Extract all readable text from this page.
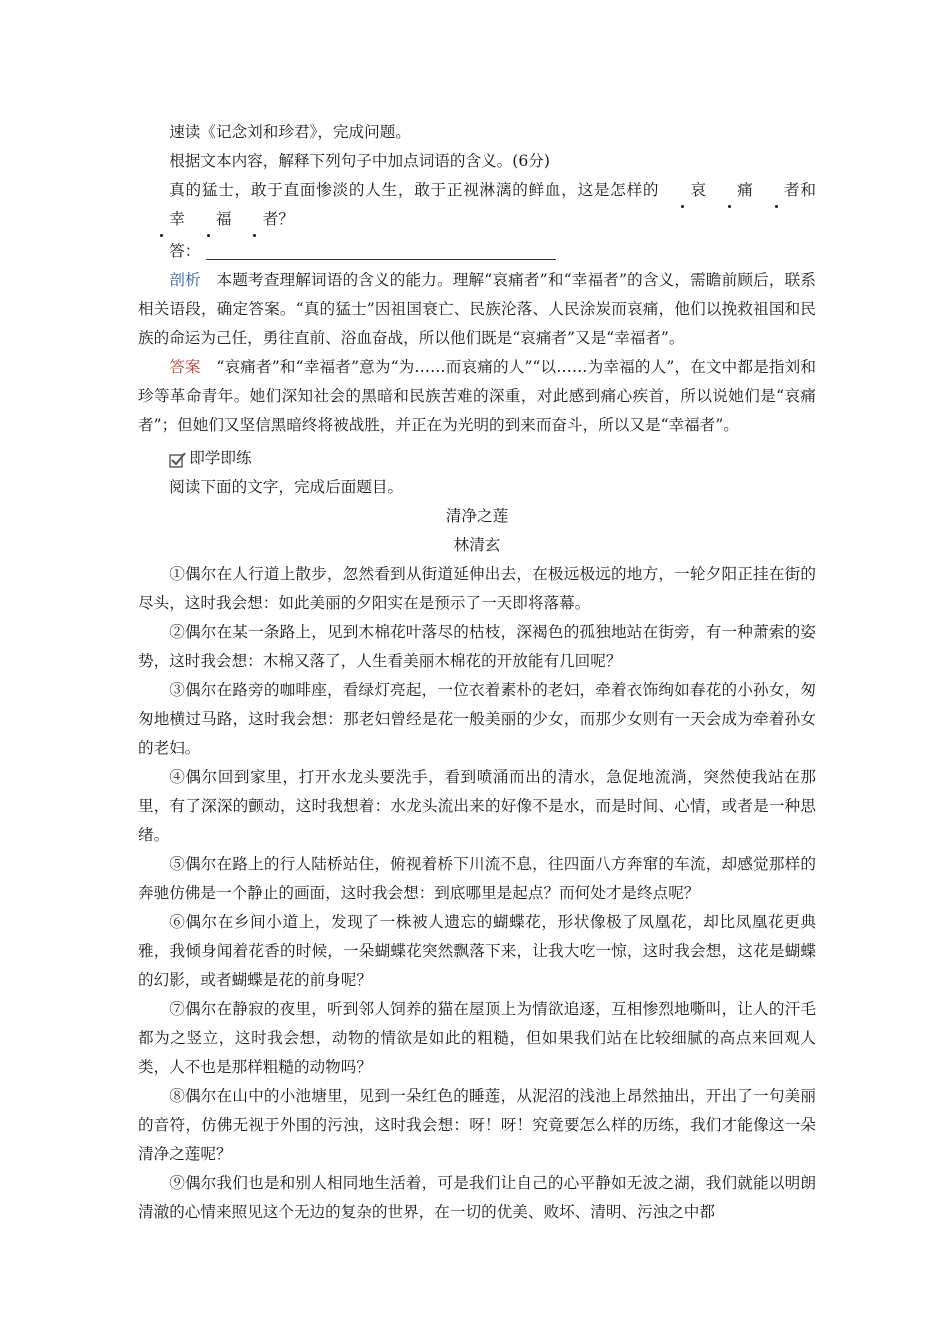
速读《记念刘和珍君》，完成问题。

根据文本内容，解释下列句子中加点词语的含义。(6分)

真的猛士，敢于直面惨淡的人生，敢于正视淋漓的鲜血，这是怎样的 哀 痛 者和幸 福 者？

答：

剖析　 本题考查理解词语的含义的能力。理解“哀痛者”和“幸福者”的含义，需瞻前顾后，联系相关语段，确定答案。“真的猛士”因祖国衰亡、民族沦落、人民涂炭而哀痛，他们以挽救祖国和民族的命运为己任，勇往直前、浴血奋战，所以他们既是“哀痛者”又是“幸福者”。

答案　 “哀痛者”和“幸福者”意为“为……而哀痛的人”“以……为幸福的人”，在文中都是指刘和珍等革命青年。她们深知社会的黑暗和民族苦难的深重，对此感到痛心疾首，所以说她们是“哀痛者”；但她们又坚信黑暗终将被战胜，并正在为光明的到来而奋斗，所以又是“幸福者”。

即学即练

阅读下面的文字，完成后面题目。

清净之莲

林清玄

①偶尔在人行道上散步，忽然看到从街道延伸出去，在极远极远的地方，一轮夕阳正挂在街的尽头，这时我会想：如此美丽的夕阳实在是预示了一天即将落幕。

②偶尔在某一条路上，见到木棉花叶落尽的枯枝，深褐色的孤独地站在街旁，有一种萧索的姿势，这时我会想：木棉又落了，人生看美丽木棉花的开放能有几回呢？

③偶尔在路旁的咖啡座，看绿灯亮起，一位衣着素朴的老妇，牵着衣饰绚如春花的小孙女，匆匆地横过马路，这时我会想：那老妇曾经是花一般美丽的少女，而那少女则有一天会成为牵着孙女的老妇。

④偶尔回到家里，打开水龙头要洗手，看到喷涌而出的清水，急促地流淌，突然使我站在那里，有了深深的颤动，这时我想着：水龙头流出来的好像不是水，而是时间、心情，或者是一种思绪。

⑤偶尔在路上的行人陆桥站住，俯视着桥下川流不息，往四面八方奔窜的车流，却感觉那样的奔驰仿佛是一个静止的画面，这时我会想：到底哪里是起点？而何处才是终点呢？

⑥偶尔在乡间小道上，发现了一株被人遗忘的蝴蝶花，形状像极了凤凰花，却比凤凰花更典雅，我倾身闻着花香的时候，一朵蝴蝶花突然飘落下来，让我大吃一惊，这时我会想，这花是蝴蝶的幻影，或者蝴蝶是花的前身呢？

⑦偶尔在静寂的夜里，听到邻人饲养的猫在屋顶上为情欲追逐，互相惨烈地嘶叫，让人的汗毛都为之竖立，这时我会想，动物的情欲是如此的粗糙，但如果我们站在比较细腻的高点来回观人类，人不也是那样粗糙的动物吗？

⑧偶尔在山中的小池塘里，见到一朵红色的睡莲，从泥沼的浅池上昂然抽出，开出了一句美丽的音符，仿佛无视于外围的污浊，这时我会想：呀！呀！究竟要怎么样的历练，我们才能像这一朵清净之莲呢？

⑨偶尔我们也是和别人相同地生活着，可是我们让自己的心平静如无波之湖，我们就能以明朗清澈的心情来照见这个无边的复杂的世界，在一切的优美、败坏、清明、污浊之中都
